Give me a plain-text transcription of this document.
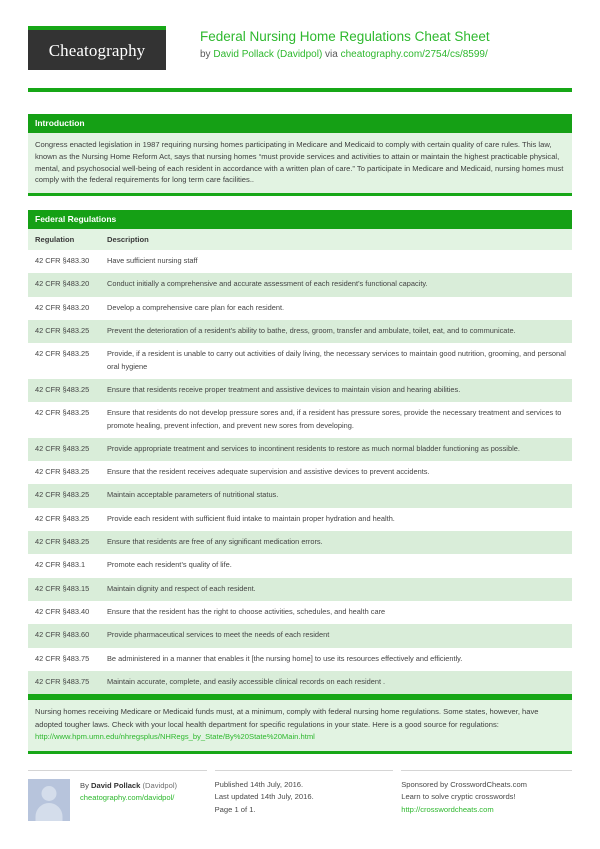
Cheatography
Federal Nursing Home Regulations Cheat Sheet
by David Pollack (Davidpol) via cheatography.com/2754/cs/8599/
Introduction

Congress enacted legislation in 1987 requiring nursing homes participating in Medicare and Medicaid to comply with certain quality of care rules. This law, known as the Nursing Home Reform Act, says that nursing homes “must provide services and activities to attain or maintain the highest practicable physical, mental, and psychosocial well-being of each resident in accordance with a written plan of care.” To participate in Medicare and Medicaid, nursing homes must comply with the federal requirements for long term care facilities..

Federal Regulations
Regulation	Description
42 CFR §483.30	Have sufficient nursing staff
42 CFR §483.20	Conduct initially a comprehensive and accurate assessment of each resident’s functional capacity.
42 CFR §483.20	Develop a comprehensive care plan for each resident.
42 CFR §483.25	Prevent the deterioration of a resident’s ability to bathe, dress, groom, transfer and ambulate, toilet, eat, and to communicate.
42 CFR §483.25	Provide, if a resident is unable to carry out activities of daily living, the necessary services to maintain good nutrition, grooming, and personal oral hygiene
42 CFR §483.25	Ensure that residents receive proper treatment and assistive devices to maintain vision and hearing abilities.
42 CFR §483.25	Ensure that residents do not develop pressure sores and, if a resident has pressure sores, provide the necessary treatment and services to promote healing, prevent infection, and prevent new sores from developing.
42 CFR §483.25	Provide appropriate treatment and services to incontinent residents to restore as much normal bladder functioning as possible.
42 CFR §483.25	Ensure that the resident receives adequate supervision and assistive devices to prevent accidents.
42 CFR §483.25	Maintain acceptable parameters of nutritional status.
42 CFR §483.25	Provide each resident with sufficient fluid intake to maintain proper hydration and health.
42 CFR §483.25	Ensure that residents are free of any significant medication errors.
42 CFR §483.1	Promote each resident’s quality of life.
42 CFR §483.15	Maintain dignity and respect of each resident.
42 CFR §483.40	Ensure that the resident has the right to choose activities, schedules, and health care
42 CFR §483.60	Provide pharmaceutical services to meet the needs of each resident
42 CFR §483.75	Be administered in a manner that enables it [the nursing home] to use its resources effectively and efficiently.
42 CFR §483.75	Maintain accurate, complete, and easily accessible clinical records on each resident .
Nursing homes receiving Medicare or Medicaid funds must, at a minimum, comply with federal nursing home regulations. Some states, however, have adopted tougher laws. Check with your local health department for specific regulations in your state. Here is a good source for regulations:
http://www.hpm.umn.edu/nhregsplus/NHRegs_by_State/By%20State%20Main.html
By David Pollack (Davidpol)
cheatography.com/davidpol/
Published 14th July, 2016.
Last updated 14th July, 2016.
Page 1 of 1.
Sponsored by CrosswordCheats.com
Learn to solve cryptic crosswords!
http://crosswordcheats.com
